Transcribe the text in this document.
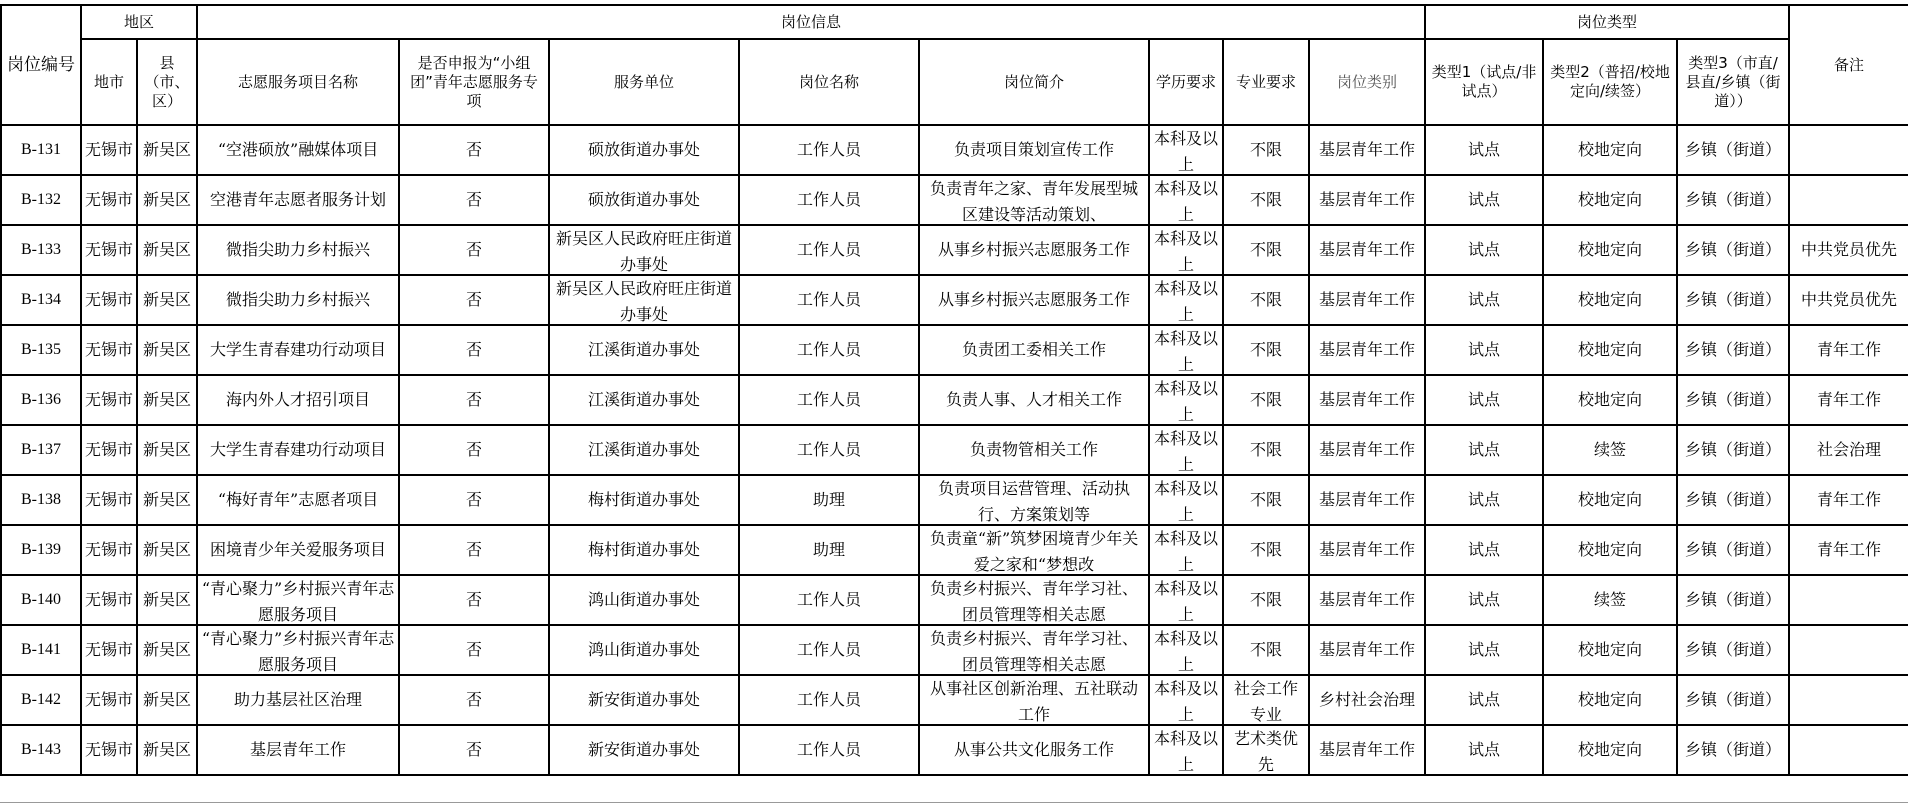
岗位编号	地区		岗位信息								岗位类型			备注
	地市	县（市、区）	志愿服务项目名称	是否申报为“小组团”青年志愿服务专项	服务单位	岗位名称	岗位简介	学历要求	专业要求	岗位类别	类型1（试点/非试点）	类型2（普招/校地定向/续签）	类型3（市直/县直/乡镇（街道））	

B-131	无锡市	新吴区	“空港硕放”融媒体项目	否	硕放街道办事处	工作人员	负责项目策划宣传工作	本科及以上	不限	基层青年工作	试点	校地定向	乡镇（街道）	

B-132	无锡市	新吴区	空港青年志愿者服务计划	否	硕放街道办事处	工作人员	负责青年之家、青年发展型城区建设等活动策划、	本科及以上	不限	基层青年工作	试点	校地定向	乡镇（街道）	

B-133	无锡市	新吴区	微指尖助力乡村振兴	否	新吴区人民政府旺庄街道办事处	工作人员	从事乡村振兴志愿服务工作	本科及以上	不限	基层青年工作	试点	校地定向	乡镇（街道）	中共党员优先

B-134	无锡市	新吴区	微指尖助力乡村振兴	否	新吴区人民政府旺庄街道办事处	工作人员	从事乡村振兴志愿服务工作	本科及以上	不限	基层青年工作	试点	校地定向	乡镇（街道）	中共党员优先

B-135	无锡市	新吴区	大学生青春建功行动项目	否	江溪街道办事处	工作人员	负责团工委相关工作	本科及以上	不限	基层青年工作	试点	校地定向	乡镇（街道）	青年工作

B-136	无锡市	新吴区	海内外人才招引项目	否	江溪街道办事处	工作人员	负责人事、人才相关工作	本科及以上	不限	基层青年工作	试点	校地定向	乡镇（街道）	青年工作

B-137	无锡市	新吴区	大学生青春建功行动项目	否	江溪街道办事处	工作人员	负责物管相关工作	本科及以上	不限	基层青年工作	试点	续签	乡镇（街道）	社会治理

B-138	无锡市	新吴区	“梅好青年”志愿者项目	否	梅村街道办事处	助理	负责项目运营管理、活动执行、方案策划等	本科及以上	不限	基层青年工作	试点	校地定向	乡镇（街道）	青年工作

B-139	无锡市	新吴区	困境青少年关爱服务项目	否	梅村街道办事处	助理	负责童“新”筑梦困境青少年关爱之家和“梦想改	本科及以上	不限	基层青年工作	试点	校地定向	乡镇（街道）	青年工作

B-140	无锡市	新吴区	“青心聚力”乡村振兴青年志愿服务项目	否	鸿山街道办事处	工作人员	负责乡村振兴、青年学习社、团员管理等相关志愿	本科及以上	不限	基层青年工作	试点	续签	乡镇（街道）	

B-141	无锡市	新吴区	“青心聚力”乡村振兴青年志愿服务项目	否	鸿山街道办事处	工作人员	负责乡村振兴、青年学习社、团员管理等相关志愿	本科及以上	不限	基层青年工作	试点	校地定向	乡镇（街道）	

B-142	无锡市	新吴区	助力基层社区治理	否	新安街道办事处	工作人员	从事社区创新治理、五社联动工作	本科及以上	社会工作专业	乡村社会治理	试点	校地定向	乡镇（街道）	

B-143	无锡市	新吴区	基层青年工作	否	新安街道办事处	工作人员	从事公共文化服务工作	本科及以上	艺术类优先	基层青年工作	试点	校地定向	乡镇（街道）	
